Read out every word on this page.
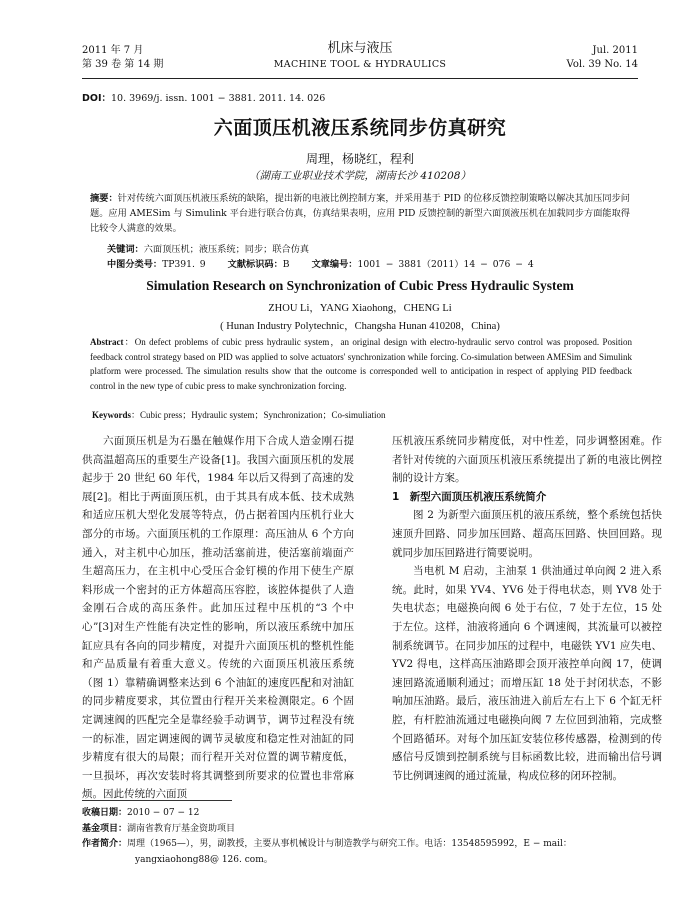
2011 年 7 月
第 39 卷 第 14 期
机床与液压
MACHINE TOOL & HYDRAULICS
Jul. 2011
Vol. 39 No. 14
DOI：10. 3969/j. issn. 1001 − 3881. 2011. 14. 026
六面顶压机液压系统同步仿真研究
周理，杨晓红，程利
（湖南工业职业技术学院，湖南长沙 410208）
摘要：针对传统六面顶压机液压系统的缺陷，提出新的电液比例控制方案，并采用基于 PID 的位移反馈控制策略以解决其加压同步问题。应用 AMESim 与 Simulink 平台进行联合仿真，仿真结果表明，应用 PID 反馈控制的新型六面顶液压机在加载同步方面能取得比较令人满意的效果。
关键词：六面顶压机；液压系统；同步；联合仿真
中图分类号：TP391. 9 文献标识码：B 文章编号：1001 − 3881（2011）14 − 076 − 4
Simulation Research on Synchronization of Cubic Press Hydraulic System
ZHOU Li，YANG Xiaohong，CHENG Li
( Hunan Industry Polytechnic，Changsha Hunan 410208，China)
Abstract：On defect problems of cubic press hydraulic system，an original design with electro-hydraulic servo control was proposed. Position feedback control strategy based on PID was applied to solve actuators' synchronization while forcing. Co-simulation between AMESim and Simulink platform were processed. The simulation results show that the outcome is corresponded well to anticipation in respect of applying PID feedback control in the new type of cubic press to make synchronization forcing.
Keywords：Cubic press；Hydraulic system；Synchronization；Co-simuliation

六面顶压机是为石墨在触媒作用下合成人造金刚石提供高温超高压的重要生产设备[1]。我国六面顶压机的发展起步于 20 世纪 60 年代，1984 年以后又得到了高速的发展[2]。相比于两面顶压机，由于其具有成本低、技术成熟和适应压机大型化发展等特点，仍占据着国内压机行业大部分的市场。六面顶压机的工作原理：高压油从 6 个方向通入，对主机中心加压，推动活塞前进，使活塞前端面产生超高压力，在主机中心受压合金钉模的作用下使生产原料形成一个密封的正方体超高压容腔，该腔体提供了人造金刚石合成的高压条件。此加压过程中压机的“3 个中心”[3]对生产性能有决定性的影响，所以液压系统中加压缸应具有各向的同步精度，对提升六面顶压机的整机性能和产品质量有着重大意义。传统的六面顶压机液压系统（图 1）靠精确调整来达到 6 个油缸的速度匹配和对油缸的同步精度要求，其位置由行程开关来检测限定。6 个固定调速阀的匹配完全是靠经验手动调节，调节过程没有统一的标准，固定调速阀的调节灵敏度和稳定性对油缸的同步精度有很大的局限；而行程开关对位置的调节精度低，一旦损坏，再次安装时将其调整到所要求的位置也非常麻烦。因此传统的六面顶

压机液压系统同步精度低，对中性差，同步调整困难。作者针对传统的六面顶压机液压系统提出了新的电液比例控制的设计方案。

1　新型六面顶压机液压系统简介

图 2 为新型六面顶压机的液压系统，整个系统包括快速顶升回路、同步加压回路、超高压回路、快回回路。现就同步加压回路进行简要说明。

当电机 M 启动，主油泵 1 供油通过单向阀 2 进入系统。此时，如果 YV4、YV6 处于得电状态，则 YV8 处于失电状态；电磁换向阀 6 处于右位，7 处于左位，15 处于左位。这样，油液将通向 6 个调速阀，其流量可以被控制系统调节。在同步加压的过程中，电磁铁 YV1 应失电、YV2 得电，这样高压油路即会顶开液控单向阀 17，使调速回路流通顺利通过；而增压缸 18 处于封闭状态，不影响加压油路。最后，液压油进入前后左右上下 6 个缸无杆腔，有杆腔油流通过电磁换向阀 7 左位回到油箱，完成整个回路循环。对每个加压缸安装位移传感器，检测到的传感信号反馈到控制系统与目标函数比较，进而输出信号调节比例调速阀的通过流量，构成位移的闭环控制。

收稿日期：2010 − 07 − 12
基金项目：湖南省教育厅基金资助项目
作者简介：周理（1965—），男，副教授，主要从事机械设计与制造教学与研究工作。电话：13548595992，E − mail：
yangxiaohong88@ 126. com。
